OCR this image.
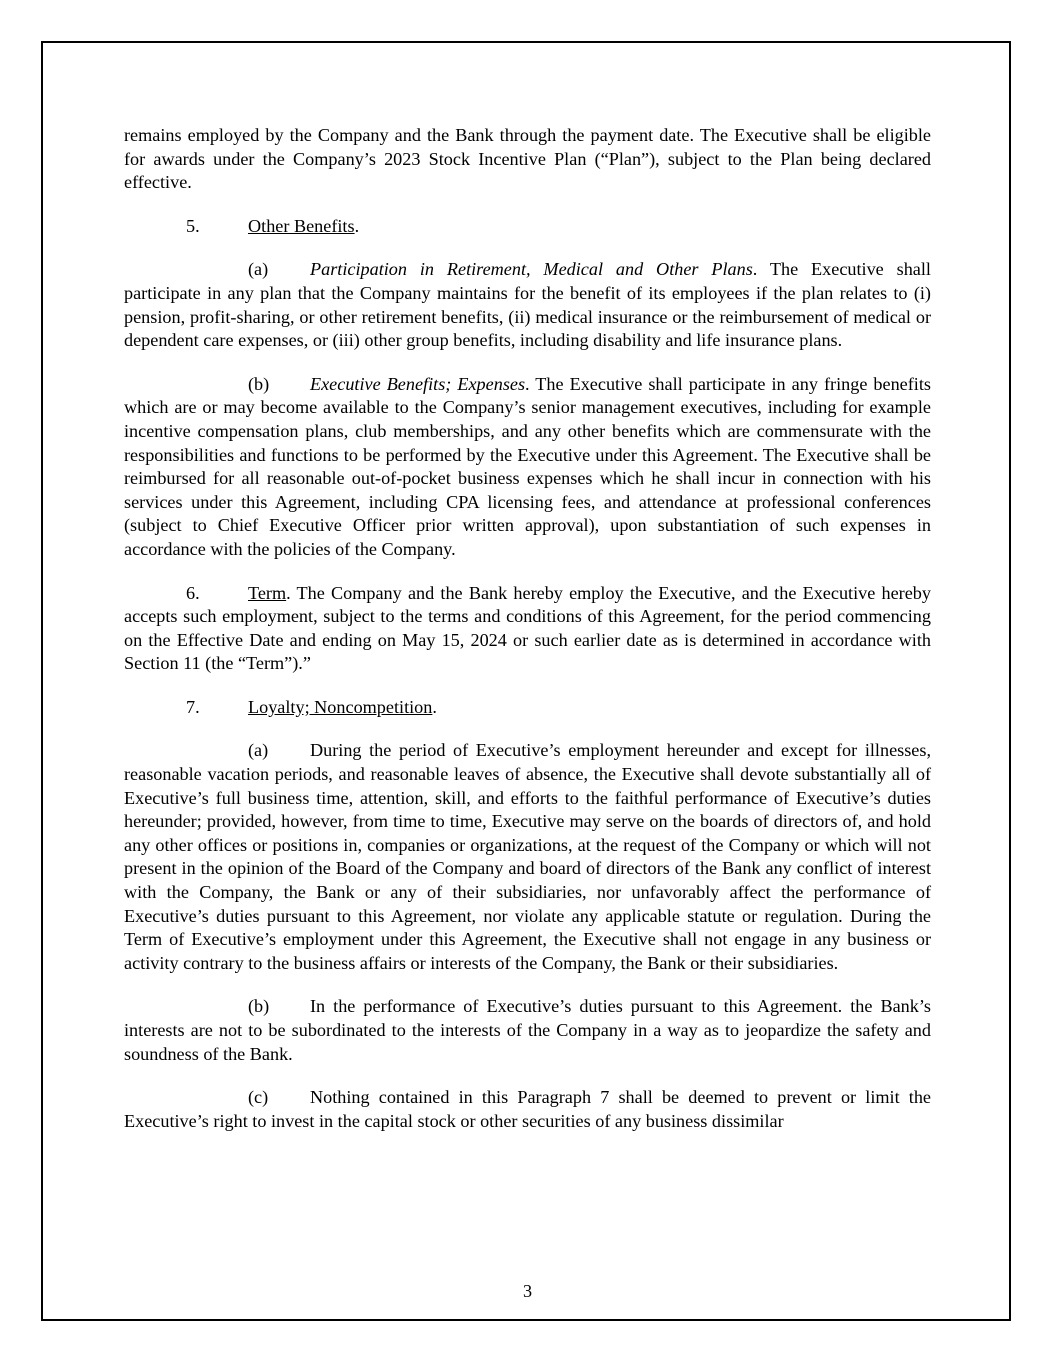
remains employed by the Company and the Bank through the payment date. The Executive shall be eligible for awards under the Company’s 2023 Stock Incentive Plan (“Plan”), subject to the Plan being declared effective.

5.	Other Benefits.

(a) Participation in Retirement, Medical and Other Plans. The Executive shall participate in any plan that the Company maintains for the benefit of its employees if the plan relates to (i) pension, profit-sharing, or other retirement benefits, (ii) medical insurance or the reimbursement of medical or dependent care expenses, or (iii) other group benefits, including disability and life insurance plans.

(b) Executive Benefits; Expenses. The Executive shall participate in any fringe benefits which are or may become available to the Company’s senior management executives, including for example incentive compensation plans, club memberships, and any other benefits which are commensurate with the responsibilities and functions to be performed by the Executive under this Agreement. The Executive shall be reimbursed for all reasonable out-of-pocket business expenses which he shall incur in connection with his services under this Agreement, including CPA licensing fees, and attendance at professional conferences (subject to Chief Executive Officer prior written approval), upon substantiation of such expenses in accordance with the policies of the Company.

6.	Term. The Company and the Bank hereby employ the Executive, and the Executive hereby accepts such employment, subject to the terms and conditions of this Agreement, for the period commencing on the Effective Date and ending on May 15, 2024 or such earlier date as is determined in accordance with Section 11 (the “Term”).”

7.	Loyalty; Noncompetition.

(a) During the period of Executive’s employment hereunder and except for illnesses, reasonable vacation periods, and reasonable leaves of absence, the Executive shall devote substantially all of Executive’s full business time, attention, skill, and efforts to the faithful performance of Executive’s duties hereunder; provided, however, from time to time, Executive may serve on the boards of directors of, and hold any other offices or positions in, companies or organizations, at the request of the Company or which will not present in the opinion of the Board of the Company and board of directors of the Bank any conflict of interest with the Company, the Bank or any of their subsidiaries, nor unfavorably affect the performance of Executive’s duties pursuant to this Agreement, nor violate any applicable statute or regulation. During the Term of Executive’s employment under this Agreement, the Executive shall not engage in any business or activity contrary to the business affairs or interests of the Company, the Bank or their subsidiaries.

(b) In the performance of Executive’s duties pursuant to this Agreement. the Bank’s interests are not to be subordinated to the interests of the Company in a way as to jeopardize the safety and soundness of the Bank.

(c) Nothing contained in this Paragraph 7 shall be deemed to prevent or limit the Executive’s right to invest in the capital stock or other securities of any business dissimilar

3
